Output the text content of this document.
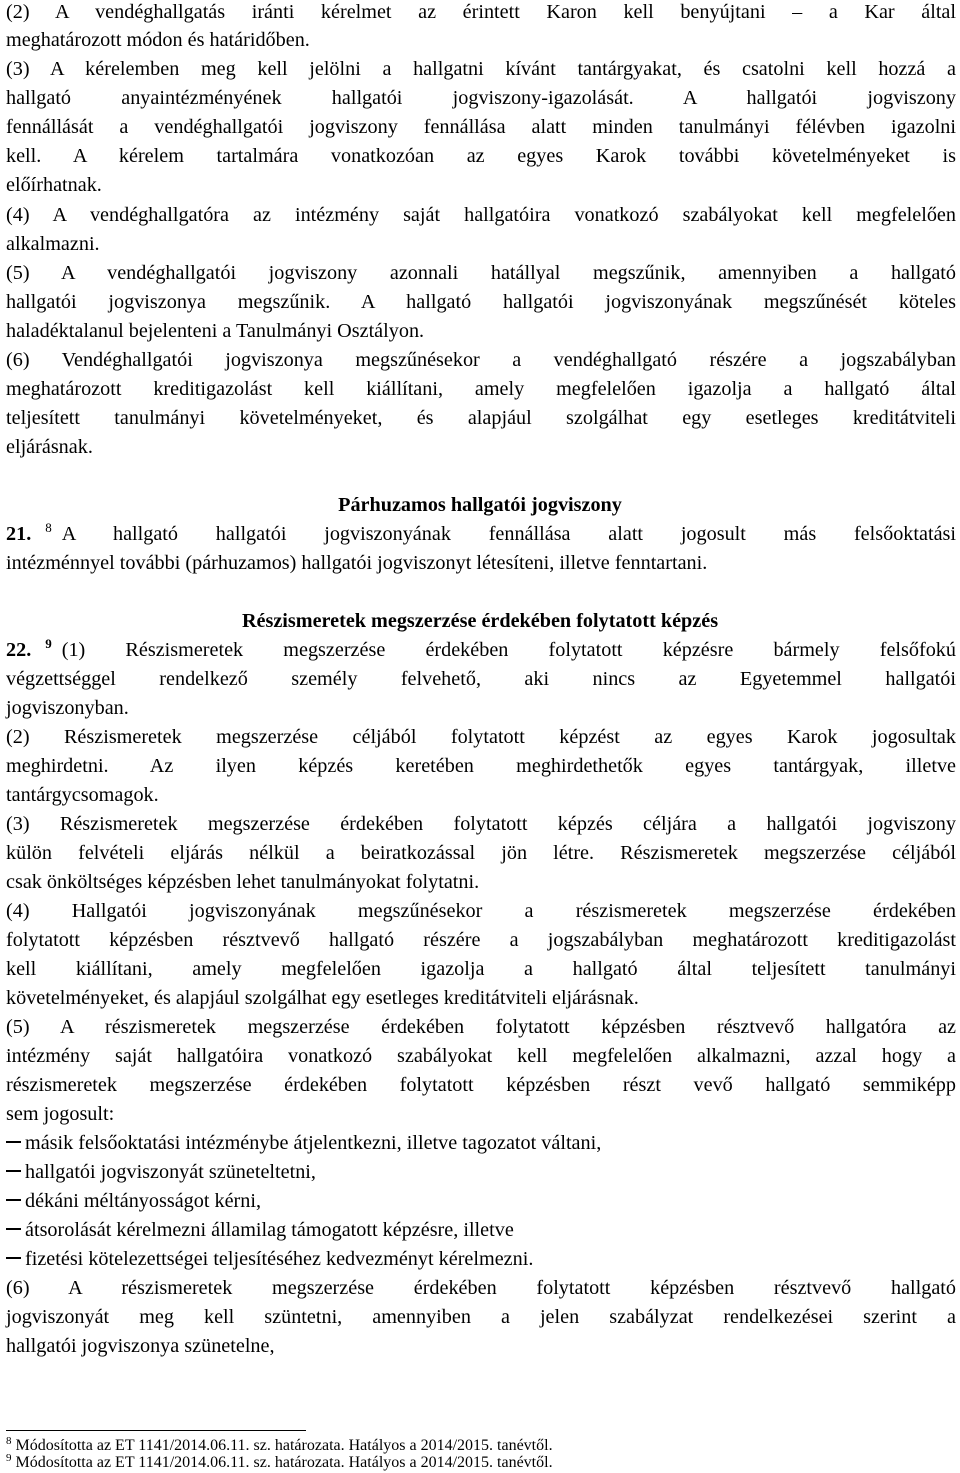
(2) A vendéghallgatás iránti kérelmet az érintett Karon kell benyújtani – a Kar által
meghatározott módon és határidőben.
(3) A kérelemben meg kell jelölni a hallgatni kívánt tantárgyakat, és csatolni kell hozzá a
hallgató anyaintézményének hallgatói jogviszony-igazolását. A hallgatói jogviszony
fennállását a vendéghallgatói jogviszony fennállása alatt minden tanulmányi félévben igazolni
kell. A kérelem tartalmára vonatkozóan az egyes Karok további követelményeket is
előírhatnak.
(4) A vendéghallgatóra az intézmény saját hallgatóira vonatkozó szabályokat kell megfelelően
alkalmazni.
(5) A vendéghallgatói jogviszony azonnali hatállyal megszűnik, amennyiben a hallgató
hallgatói jogviszonya megszűnik. A hallgató hallgatói jogviszonyának megszűnését köteles
haladéktalanul bejelenteni a Tanulmányi Osztályon.
(6) Vendéghallgatói jogviszonya megszűnésekor a vendéghallgató részére a jogszabályban
meghatározott kreditigazolást kell kiállítani, amely megfelelően igazolja a hallgató által
teljesített tanulmányi követelményeket, és alapjául szolgálhat egy esetleges kreditátviteli
eljárásnak.
Párhuzamos hallgatói jogviszony
21. $^8$ A hallgató hallgatói jogviszonyának fennállása alatt jogosult más felsőoktatási
intézménnyel további (párhuzamos) hallgatói jogviszonyt létesíteni, illetve fenntartani.
Részismeretek megszerzése érdekében folytatott képzés
22. $^9$ (1) Részismeretek megszerzése érdekében folytatott képzésre bármely felsőfokú
végzettséggel rendelkező személy felvehető, aki nincs az Egyetemmel hallgatói
jogviszonyban.
(2) Részismeretek megszerzése céljából folytatott képzést az egyes Karok jogosultak
meghirdetni. Az ilyen képzés keretében meghirdethetők egyes tantárgyak, illetve
tantárgycsomagok.
(3) Részismeretek megszerzése érdekében folytatott képzés céljára a hallgatói jogviszony
külön felvételi eljárás nélkül a beiratkozással jön létre. Részismeretek megszerzése céljából
csak önköltséges képzésben lehet tanulmányokat folytatni.
(4) Hallgatói jogviszonyának megszűnésekor a részismeretek megszerzése érdekében
folytatott képzésben résztvevő hallgató részére a jogszabályban meghatározott kreditigazolást
kell kiállítani, amely megfelelően igazolja a hallgató által teljesített tanulmányi
követelményeket, és alapjául szolgálhat egy esetleges kreditátviteli eljárásnak.
(5) A részismeretek megszerzése érdekében folytatott képzésben résztvevő hallgatóra az
intézmény saját hallgatóira vonatkozó szabályokat kell megfelelően alkalmazni, azzal hogy a
részismeretek megszerzése érdekében folytatott képzésben részt vevő hallgató semmiképp
sem jogosult:
másik felsőoktatási intézménybe átjelentkezni, illetve tagozatot váltani,
hallgatói jogviszonyát szüneteltetni,
dékáni méltányosságot kérni,
átsorolását kérelmezni államilag támogatott képzésre, illetve
fizetési kötelezettségei teljesítéséhez kedvezményt kérelmezni.
(6) A részismeretek megszerzése érdekében folytatott képzésben résztvevő hallgató
jogviszonyát meg kell szüntetni, amennyiben a jelen szabályzat rendelkezései szerint a
hallgatói jogviszonya szünetelne,
$^8$ Módosította az ET 1141/2014.06.11. sz. határozata. Hatályos a 2014/2015. tanévtől.
$^9$ Módosította az ET 1141/2014.06.11. sz. határozata. Hatályos a 2014/2015. tanévtől.
